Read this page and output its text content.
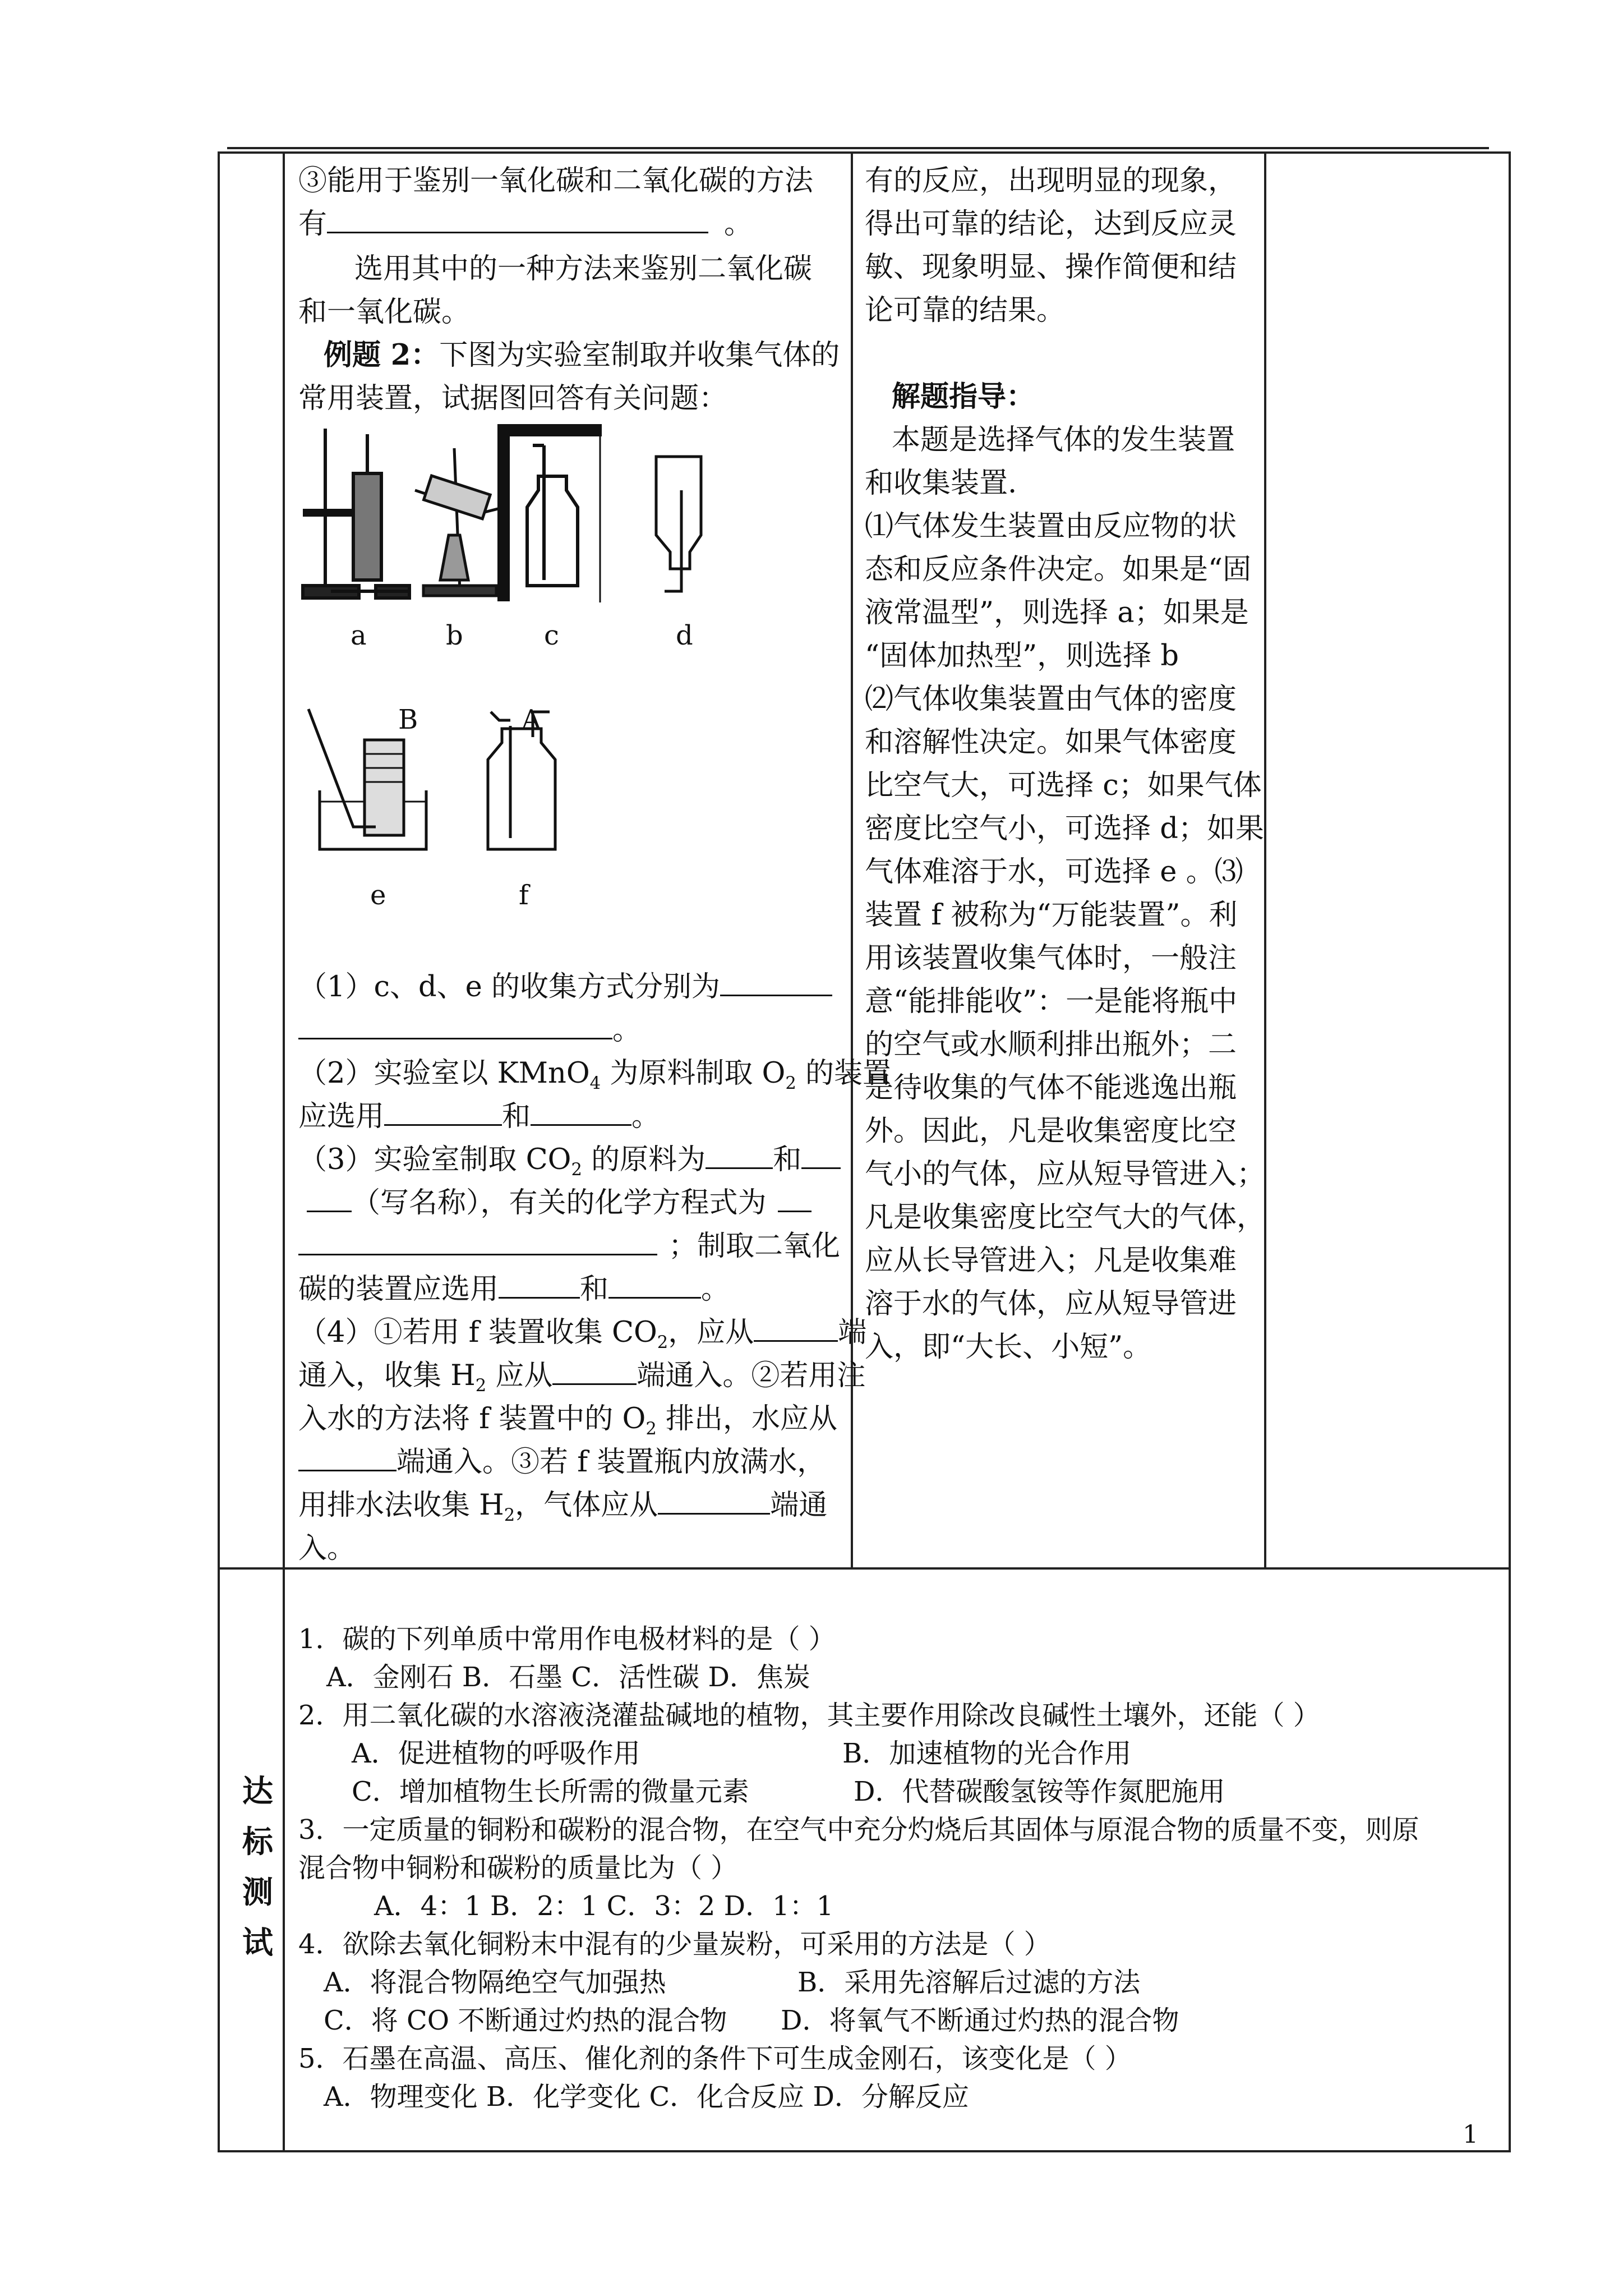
③能用于鉴别一氧化碳和二氧化碳的方法
有	。
选用其中的一种方法来鉴别二氧化碳
和一氧化碳。
例题 2：下图为实验室制取并收集气体的
常用装置，试据图回答有关问题：
a	b	c	d
B	A
e	f
（1）c、d、e 的收集方式分别为
。
（2）实验室以 KMnO$_4$ 为原料制取 $O_2$ 的装置
应选用	和	。
（3）实验室制取 $CO_2$ 的原料为 和
（写名称），有关的化学方程式为
；制取二氧化
碳的装置应选用	和	。
（4）①若用 f 装置收集 $CO_2$，应从	端
通入，收集 $H_2$ 应从	端通入。②若用注
入水的方法将 f 装置中的 $O_2$ 排出，水应从
端通入。③若 f 装置瓶内放满水，
用排水法收集 $H_2$，气体应从	端通
入。
有的反应，出现明显的现象，
得出可靠的结论，达到反应灵
敏、现象明显、操作简便和结
论可靠的结果。
解题指导：
本题是选择气体的发生装置
和收集装置.
⑴气体发生装置由反应物的状
态和反应条件决定。如果是“固
液常温型”，则选择 a；如果是
“固体加热型”，则选择 b
⑵气体收集装置由气体的密度
和溶解性决定。如果气体密度
比空气大，可选择 c；如果气体
密度比空气小，可选择 d；如果
气体难溶于水，可选择 e 。⑶
装置 f 被称为“万能装置”。利
用该装置收集气体时，一般注
意“能排能收”：一是能将瓶中
的空气或水顺利排出瓶外；二
是待收集的气体不能逃逸出瓶
外。因此，凡是收集密度比空
气小的气体，应从短导管进入；
凡是收集密度比空气大的气体，
应从长导管进入；凡是收集难
溶于水的气体，应从短导管进
入，即“大长、小短”。
达
标
测
试
1．碳的下列单质中常用作电极材料的是（ ）
A．金刚石 B．石墨 C．活性碳 D．焦炭
2．用二氧化碳的水溶液浇灌盐碱地的植物，其主要作用除改良碱性土壤外，还能（ ）
A．促进植物的呼吸作用	B．加速植物的光合作用
C．增加植物生长所需的微量元素	D．代替碳酸氢铵等作氮肥施用
3．一定质量的铜粉和碳粉的混合物，在空气中充分灼烧后其固体与原混合物的质量不变，则原
混合物中铜粉和碳粉的质量比为（ ）
A．4：1 B．2：1 C．3：2 D．1：1
4．欲除去氧化铜粉末中混有的少量炭粉，可采用的方法是（ ）
A．将混合物隔绝空气加强热	B．采用先溶解后过滤的方法
C．将 CO 不断通过灼热的混合物 D．将氧气不断通过灼热的混合物
5．石墨在高温、高压、催化剂的条件下可生成金刚石，该变化是（ ）
A．物理变化 B．化学变化 C．化合反应 D．分解反应
1
